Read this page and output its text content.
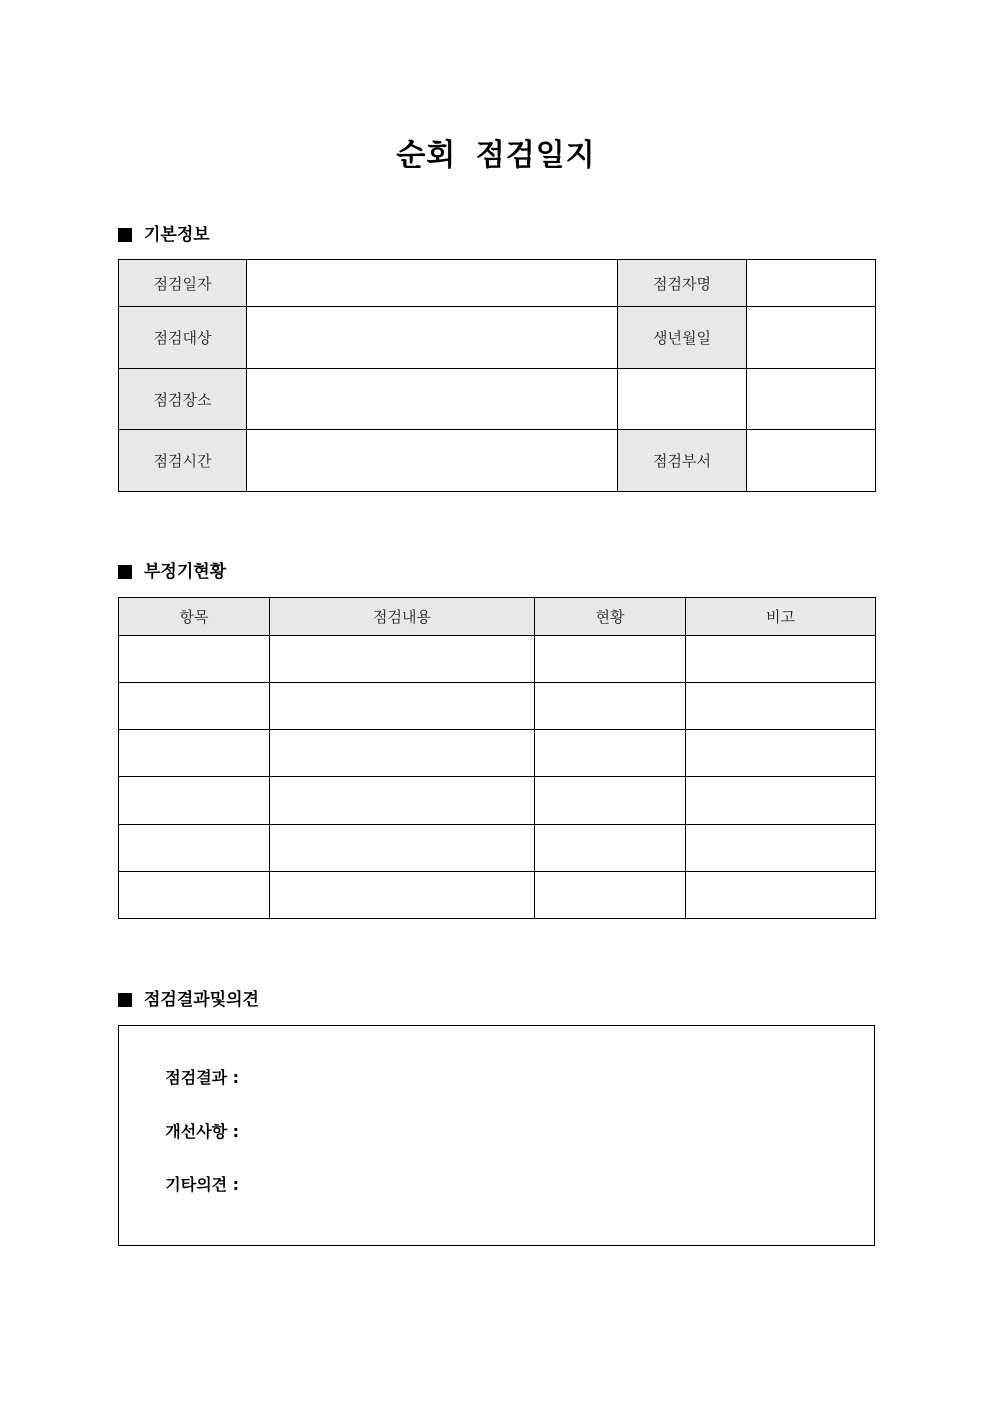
순회 점검일지
기본정보
점검일자		점검자명	
점검대상		생년월일	
점검장소			
점검시간		점검부서	
부정기현황
항목	점검내용	현황	비고

점검결과및의견

점검결과 :

개선사항 :

기타의견 :
